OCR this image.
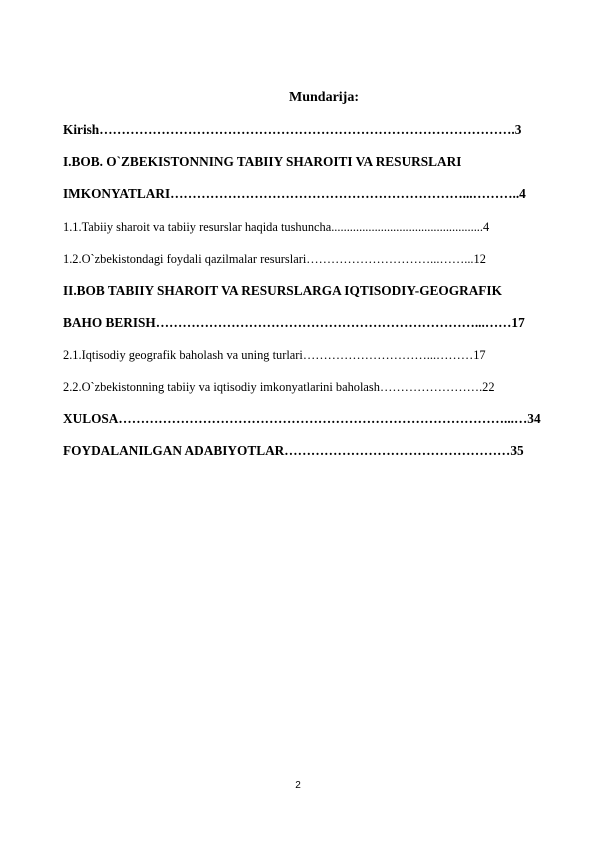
Mundarija:
Kirish………………………………………………………………………………….3
I.BOB. O`ZBEKISTONNING TABIIY SHAROITI VA RESURSLARI
IMKONYATLARI…………………………………………………………...………..4
1.1.Tabiiy sharoit va tabiiy resurslar haqida tushuncha.................................................4
1.2.O`zbekistondagi foydali qazilmalar resurslari…………………………...……...12
II.BOB TABIIY SHAROIT VA RESURSLARGA IQTISODIY-GEOGRAFIK
BAHO BERISH………………………………………………………………...……17
2.1.Iqtisodiy geografik baholash va uning turlari…………………………...………17
2.2.O`zbekistonning tabiiy va iqtisodiy imkonyatlarini baholash…………………….22
XULOSA……………………………………………………………………………...…34
FOYDALANILGAN ADABIYOTLAR……………………………………………35
2
